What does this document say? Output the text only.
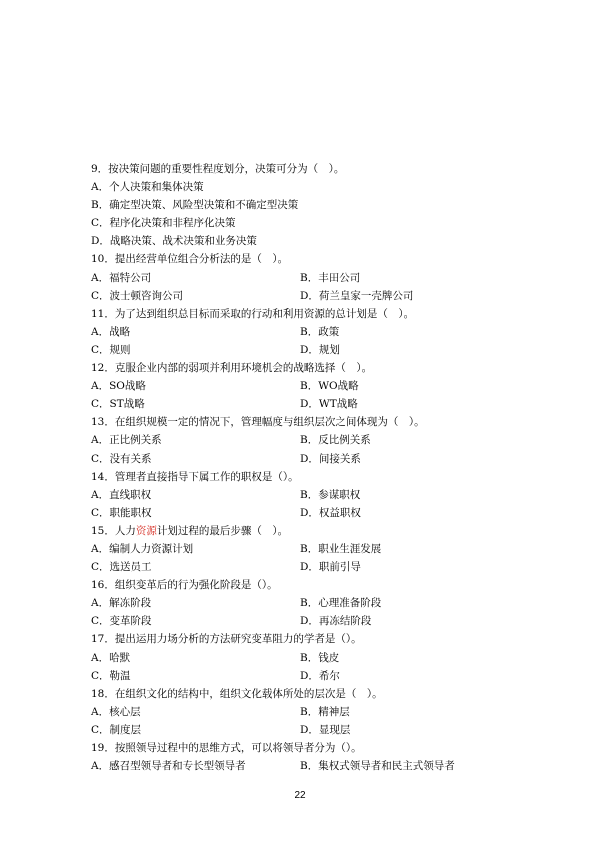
9．按决策问题的重要性程度划分，决策可分为（　）。
A．个人决策和集体决策
B．确定型决策、风险型决策和不确定型决策
C．程序化决策和非程序化决策
D．战略决策、战术决策和业务决策
10．提出经营单位组合分析法的是（　）。
A．福特公司	B．丰田公司
C．波士顿咨询公司	D．荷兰皇家一壳牌公司
11．为了达到组织总目标而采取的行动和利用资源的总计划是（　）。
A．战略	B．政策
C．规则	D．规划
12．克服企业内部的弱项并利用环境机会的战略选择（　）。
A．SO战略	B．WO战略
C．ST战略	D．WT战略
13．在组织规模一定的情况下，管理幅度与组织层次之间体现为（　）。
A．正比例关系	B．反比例关系
C．没有关系	D．间接关系
14．管理者直接指导下属工作的职权是（）。
A．直线职权	B．参谋职权
C．职能职权	D．权益职权
15．人力资源计划过程的最后步骤（　）。
A．编制人力资源计划	B．职业生涯发展
C．选送员工	D．职前引导
16．组织变革后的行为强化阶段是（）。
A．解冻阶段	B．心理准备阶段
C．变革阶段	D．再冻结阶段
17．提出运用力场分析的方法研究变革阻力的学者是（）。
A．哈默	B．钱皮
C．勒温	D．希尔
18．在组织文化的结构中，组织文化载体所处的层次是（　）。
A．核心层	B．精神层
C．制度层	D．显现层
19．按照领导过程中的思维方式，可以将领导者分为（）。
A．感召型领导者和专长型领导者	B．集权式领导者和民主式领导者
22
